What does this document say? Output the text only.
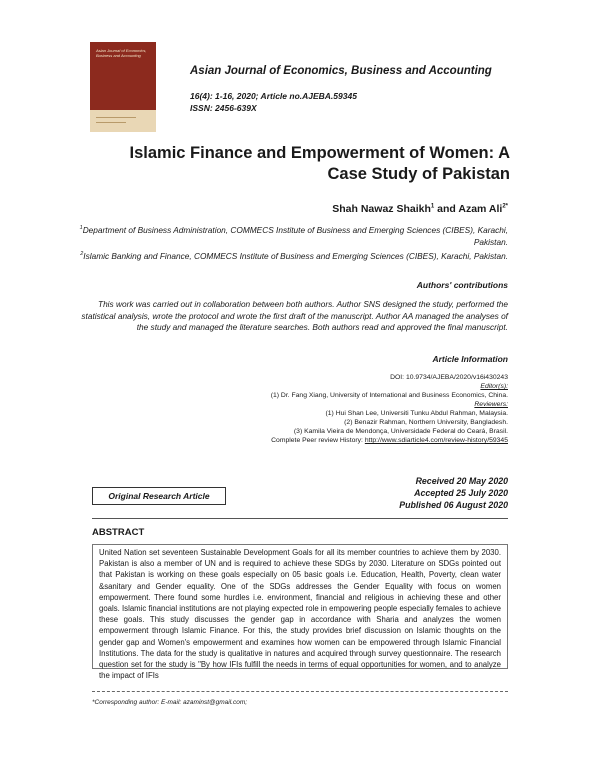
Asian Journal of Economics, Business and Accounting
Asian Journal of Economics, Business and Accounting
16(4): 1-16, 2020; Article no.AJEBA.59345
ISSN: 2456-639X
Islamic Finance and Empowerment of Women: A
Case Study of Pakistan
Shah Nawaz Shaikh$^1$ and Azam Ali$^{2*}$
$^1$Department of Business Administration, COMMECS Institute of Business and Emerging Sciences (CIBES), Karachi, Pakistan.
$^2$Islamic Banking and Finance, COMMECS Institute of Business and Emerging Sciences (CIBES), Karachi, Pakistan.
Authors' contributions
This work was carried out in collaboration between both authors. Author SNS designed the study, performed the statistical analysis, wrote the protocol and wrote the first draft of the manuscript. Author AA managed the analyses of the study and managed the literature searches. Both authors read and approved the final manuscript.
Article Information
DOI: 10.9734/AJEBA/2020/v16i430243
Editor(s):
(1) Dr. Fang Xiang, University of International and Business Economics, China.
Reviewers:
(1) Hui Shan Lee, Universiti Tunku Abdul Rahman, Malaysia.
(2) Benazir Rahman, Northern University, Bangladesh.
(3) Kamila Vieira de Mendonça, Universidade Federal do Ceará, Brasil.
Complete Peer review History: http://www.sdiarticle4.com/review-history/59345
Received 20 May 2020
Accepted 25 July 2020
Published 06 August 2020
Original Research Article
ABSTRACT
United Nation set seventeen Sustainable Development Goals for all its member countries to achieve them by 2030. Pakistan is also a member of UN and is required to achieve these SDGs by 2030. Literature on SDGs pointed out that Pakistan is working on these goals especially on 05 basic goals i.e. Education, Health, Poverty, clean water &sanitary and Gender equality. One of the SDGs addresses the Gender Equality with focus on women empowerment. There found some hurdles i.e. environment, financial and religious in achieving these and other goals. Islamic financial institutions are not playing expected role in empowering people especially females to achieve these goals. This study discusses the gender gap in accordance with Sharia and analyzes the women empowerment through Islamic Finance. For this, the study provides brief discussion on Islamic thoughts on the gender gap and Women's empowerment and examines how women can be empowered through Islamic Financial Institutions. The data for the study is qualitative in natures and acquired through survey questionnaire. The research question set for the study is "By how IFIs fulfill the needs in terms of equal opportunities for women, and to analyze the impact of IFIs
*Corresponding author: E-mail: azaminst@gmail.com;
